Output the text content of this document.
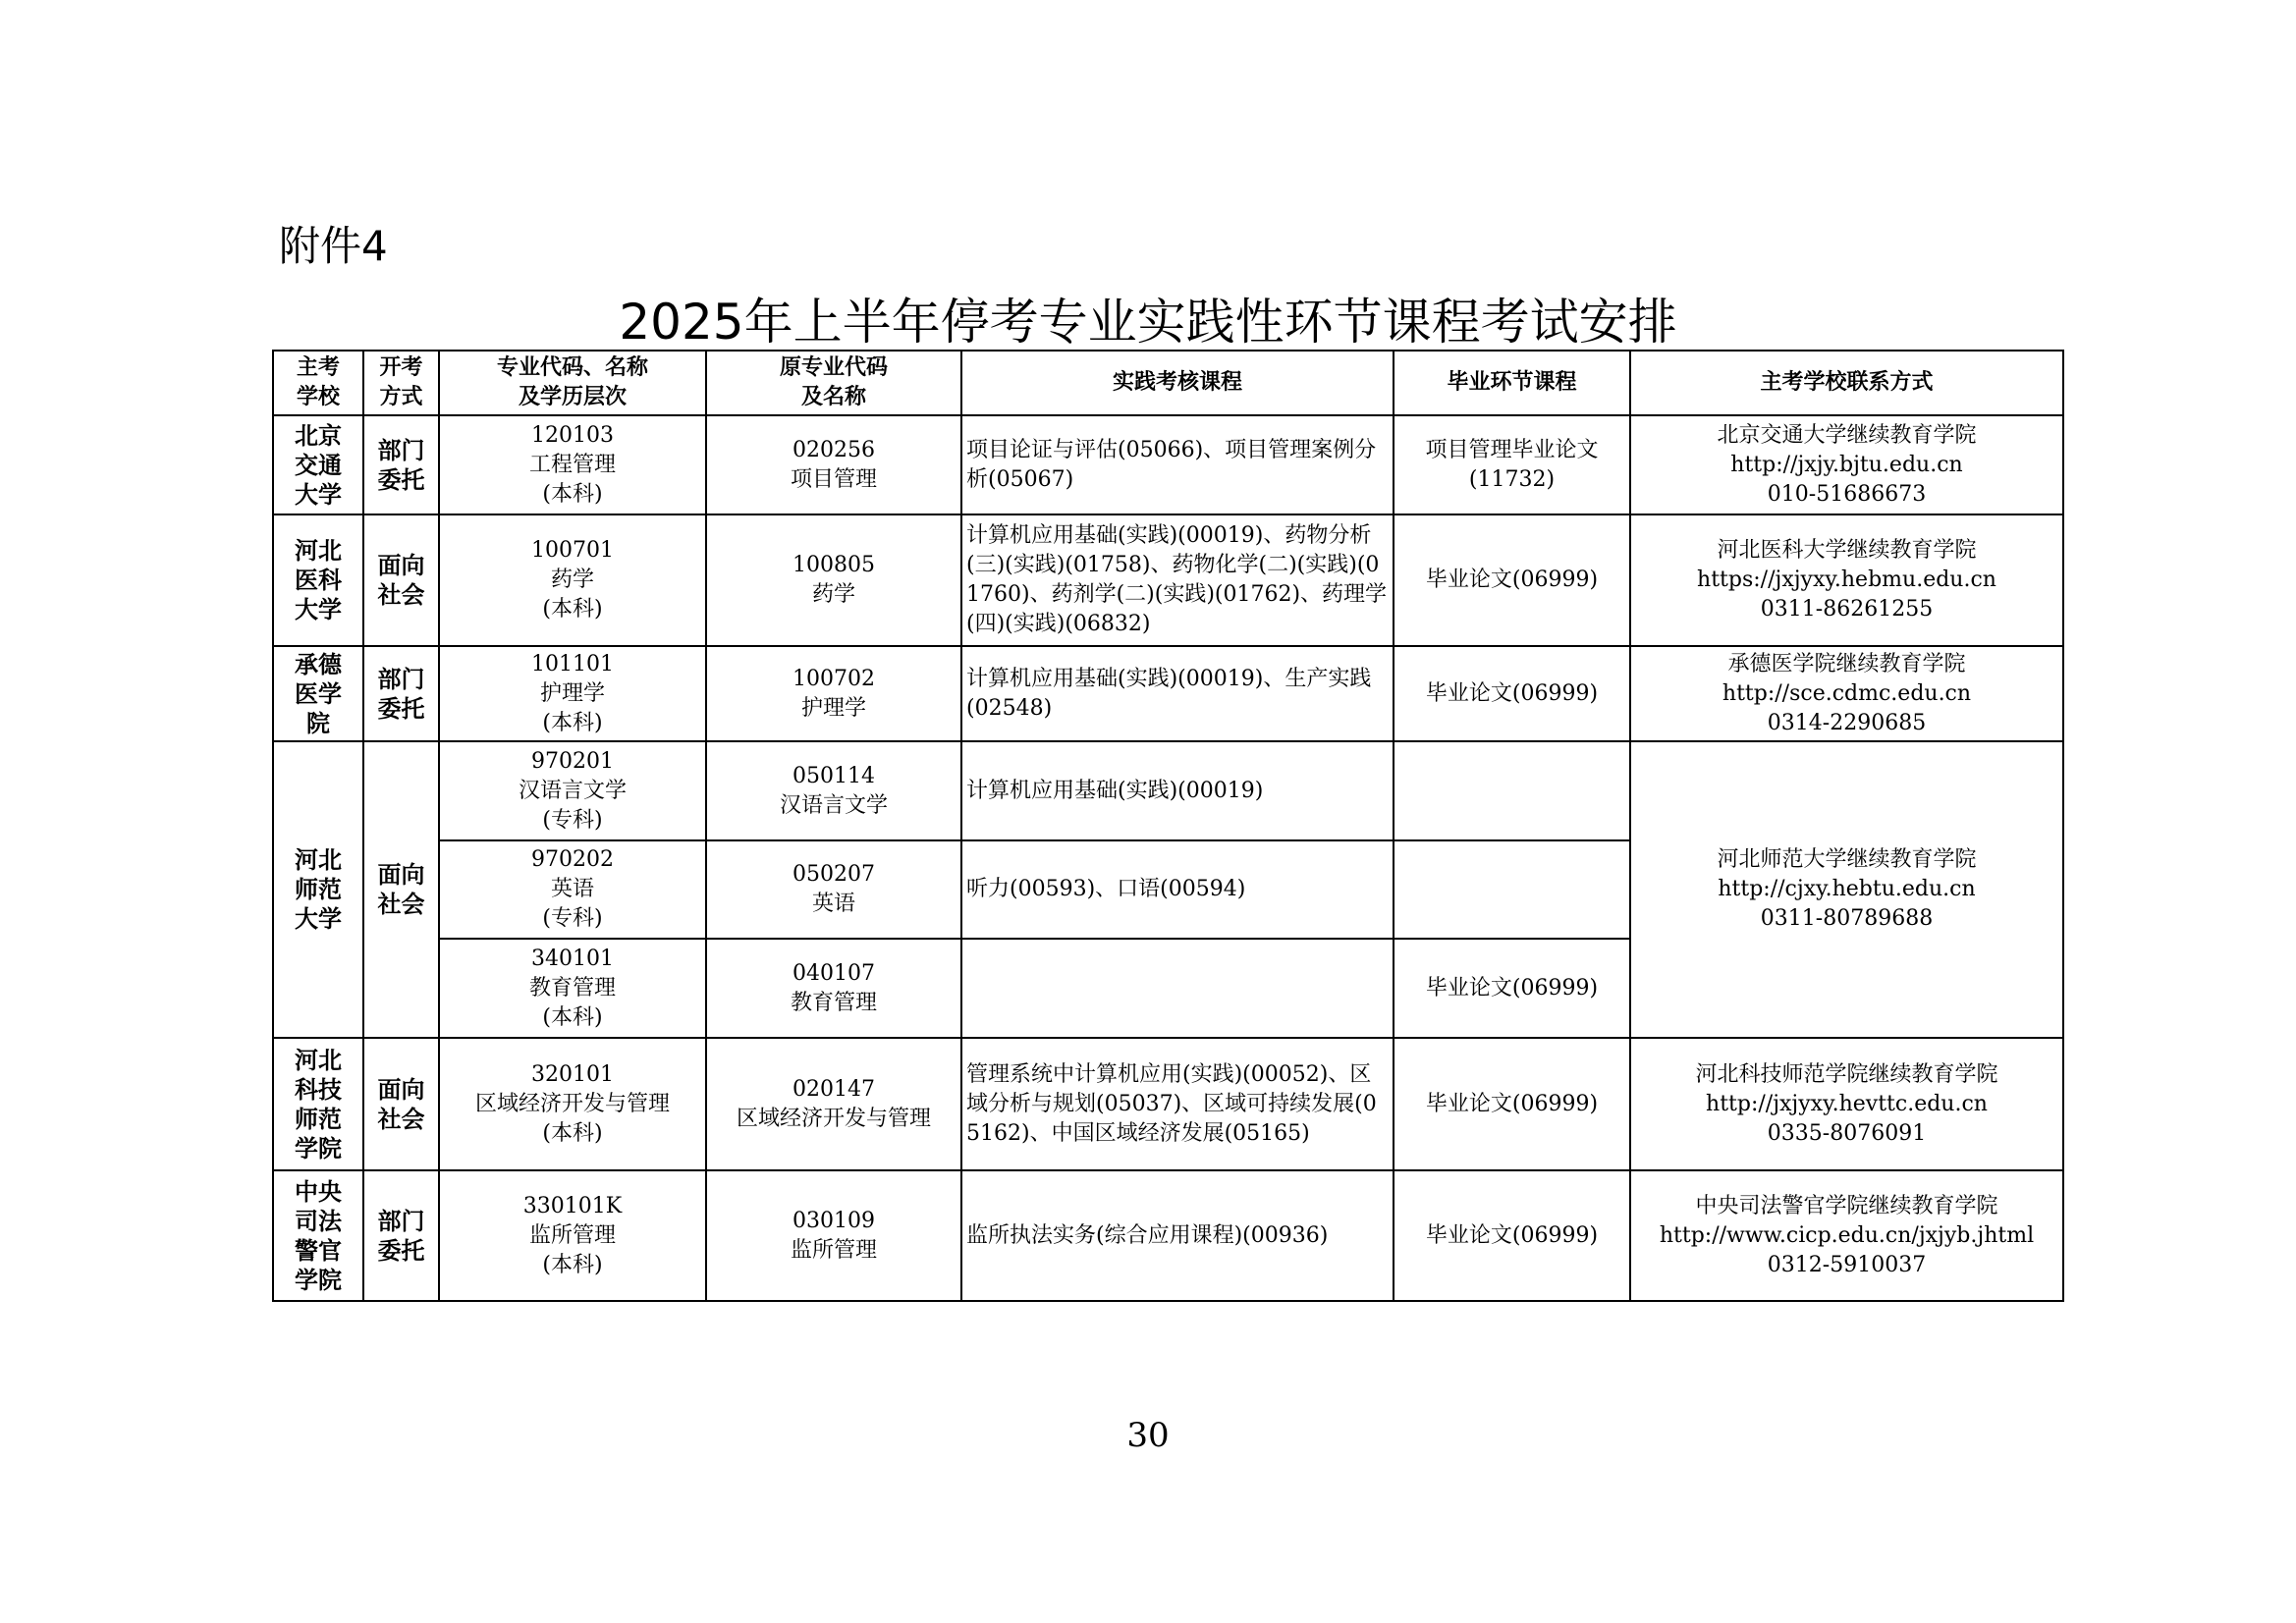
附件4
2025年上半年停考专业实践性环节课程考试安排
主考
学校	开考
方式	专业代码、名称
及学历层次	原专业代码
及名称	实践考核课程	毕业环节课程	主考学校联系方式

北京
交通
大学	部门
委托	120103
工程管理
(本科)	020256
项目管理	项目论证与评估(05066)、项目管理案例分析(05067)	项目管理毕业论文
(11732)	北京交通大学继续教育学院
http://jxjy.bjtu.edu.cn
010-51686673

河北
医科
大学	面向
社会	100701
药学
(本科)	100805
药学	计算机应用基础(实践)(00019)、药物分析(三)(实践)(01758)、药物化学(二)(实践)(01760)、药剂学(二)(实践)(01762)、药理学(四)(实践)(06832)	毕业论文(06999)	河北医科大学继续教育学院
https://jxjyxy.hebmu.edu.cn
0311-86261255

承德
医学
院	部门
委托	101101
护理学
(本科)	100702
护理学	计算机应用基础(实践)(00019)、生产实践(02548)	毕业论文(06999)	承德医学院继续教育学院
http://sce.cdmc.edu.cn
0314-2290685

河北
师范
大学	面向
社会	970201
汉语言文学
(专科)	050114
汉语言文学	计算机应用基础(实践)(00019)		河北师范大学继续教育学院
http://cjxy.hebtu.edu.cn
0311-80789688

		970202
英语
(专科)	050207
英语	听力(00593)、口语(00594)		

		340101
教育管理
(本科)	040107
教育管理		毕业论文(06999)	

河北
科技
师范
学院	面向
社会	320101
区域经济开发与管理
(本科)	020147
区域经济开发与管理	管理系统中计算机应用(实践)(00052)、区域分析与规划(05037)、区域可持续发展(05162)、中国区域经济发展(05165)	毕业论文(06999)	河北科技师范学院继续教育学院
http://jxjyxy.hevttc.edu.cn
0335-8076091

中央
司法
警官
学院	部门
委托	330101K
监所管理
(本科)	030109
监所管理	监所执法实务(综合应用课程)(00936)	毕业论文(06999)	中央司法警官学院继续教育学院
http://www.cicp.edu.cn/jxjyb.jhtml
0312-5910037
30
